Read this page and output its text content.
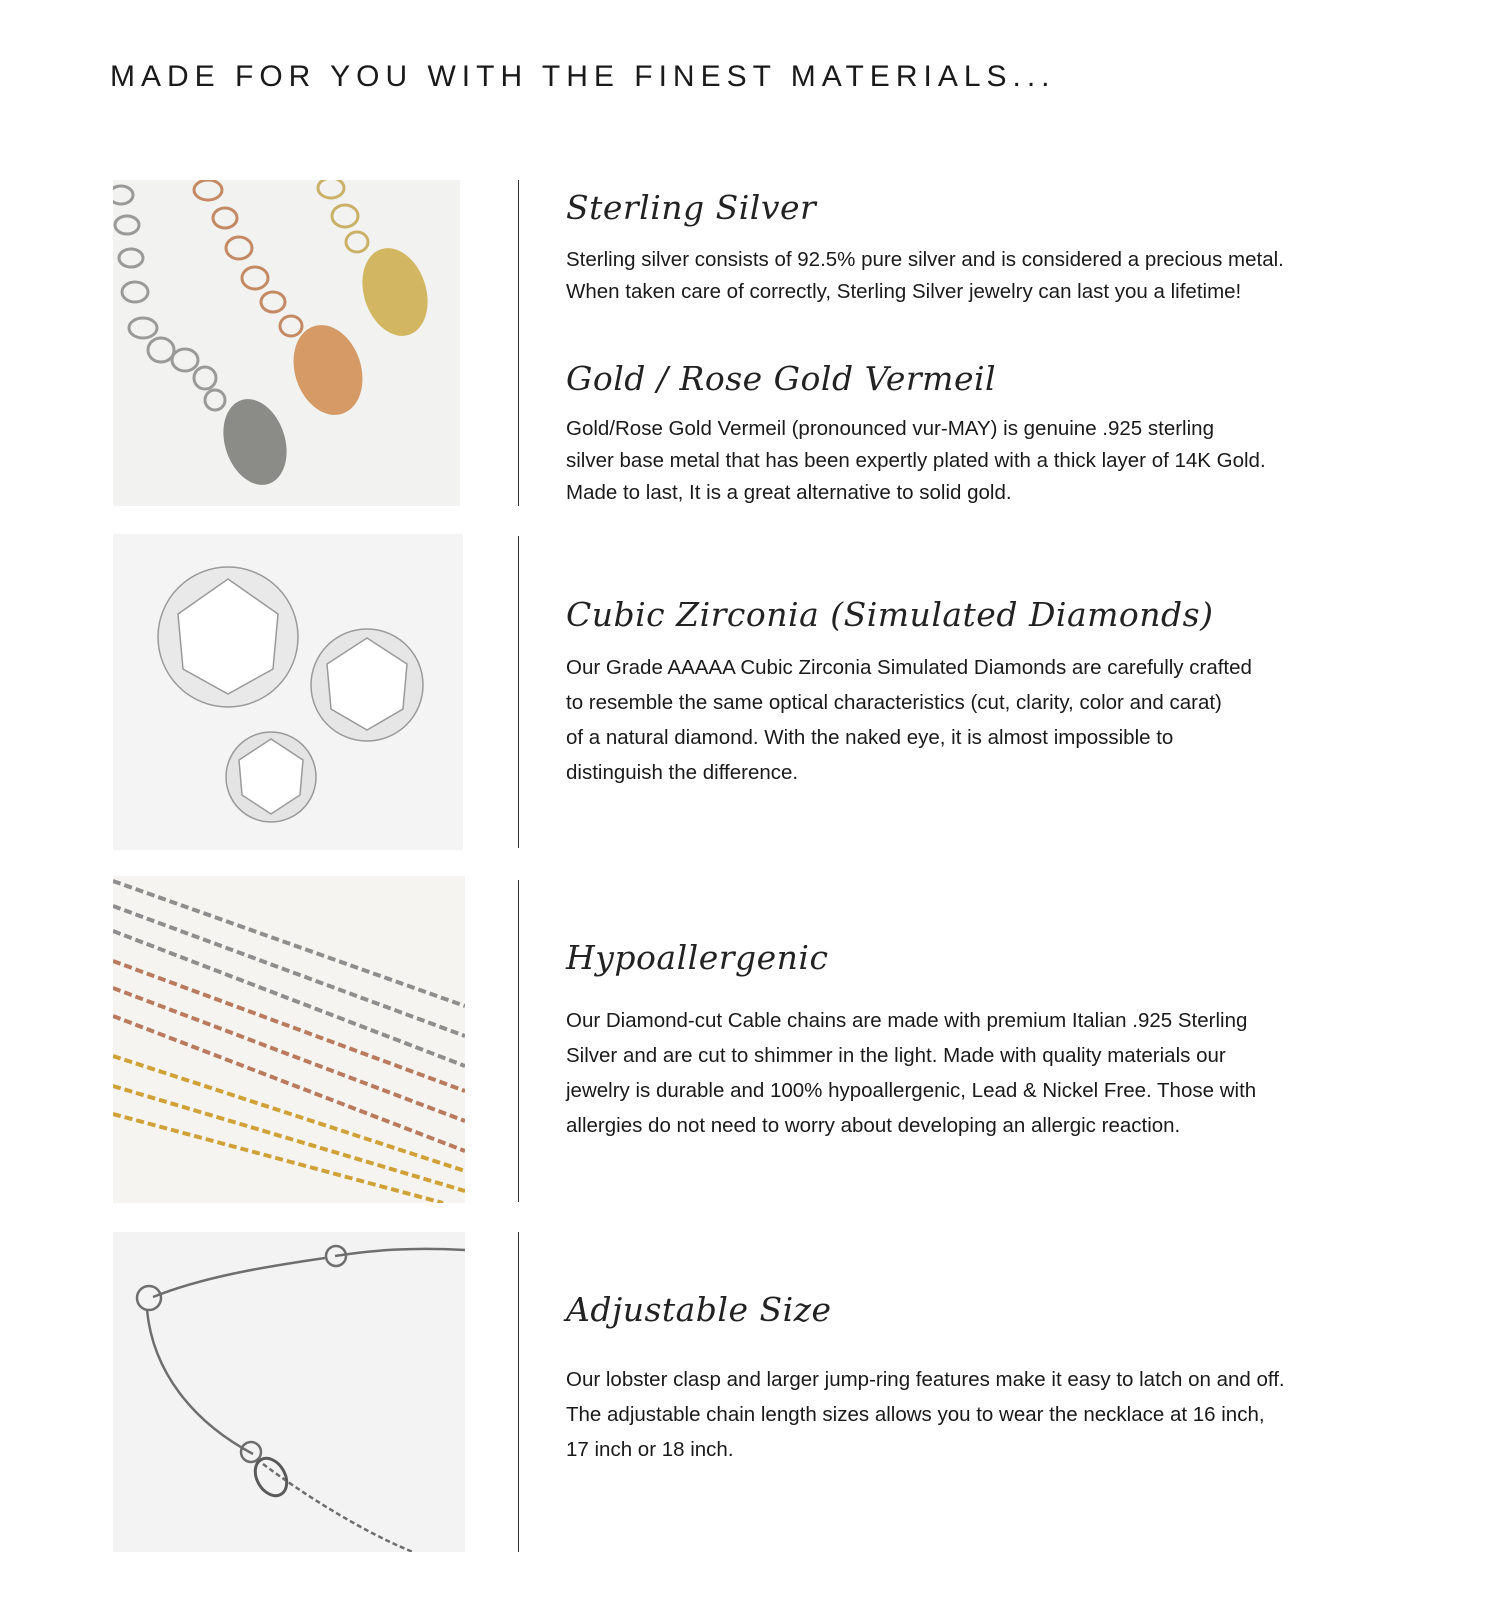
MADE FOR YOU WITH THE FINEST MATERIALS...
Sterling Silver
Sterling silver consists of 92.5% pure silver and is considered a precious metal.
When taken care of correctly, Sterling Silver jewelry can last you a lifetime!
Gold / Rose Gold Vermeil
Gold/Rose Gold Vermeil (pronounced vur-MAY) is genuine .925 sterling
silver base metal that has been expertly plated with a thick layer of 14K Gold.
Made to last, It is a great alternative to solid gold.
Cubic Zirconia (Simulated Diamonds)
Our Grade AAAAA Cubic Zirconia Simulated Diamonds are carefully crafted
to resemble the same optical characteristics (cut, clarity, color and carat)
of a natural diamond. With the naked eye, it is almost impossible to
distinguish the difference.
Hypoallergenic
Our Diamond-cut Cable chains are made with premium Italian .925 Sterling
Silver and are cut to shimmer in the light. Made with quality materials our
jewelry is durable and 100% hypoallergenic, Lead & Nickel Free. Those with
allergies do not need to worry about developing an allergic reaction.
Adjustable Size
Our lobster clasp and larger jump-ring features make it easy to latch on and off.
The adjustable chain length sizes allows you to wear the necklace at 16 inch,
17 inch or 18 inch.
